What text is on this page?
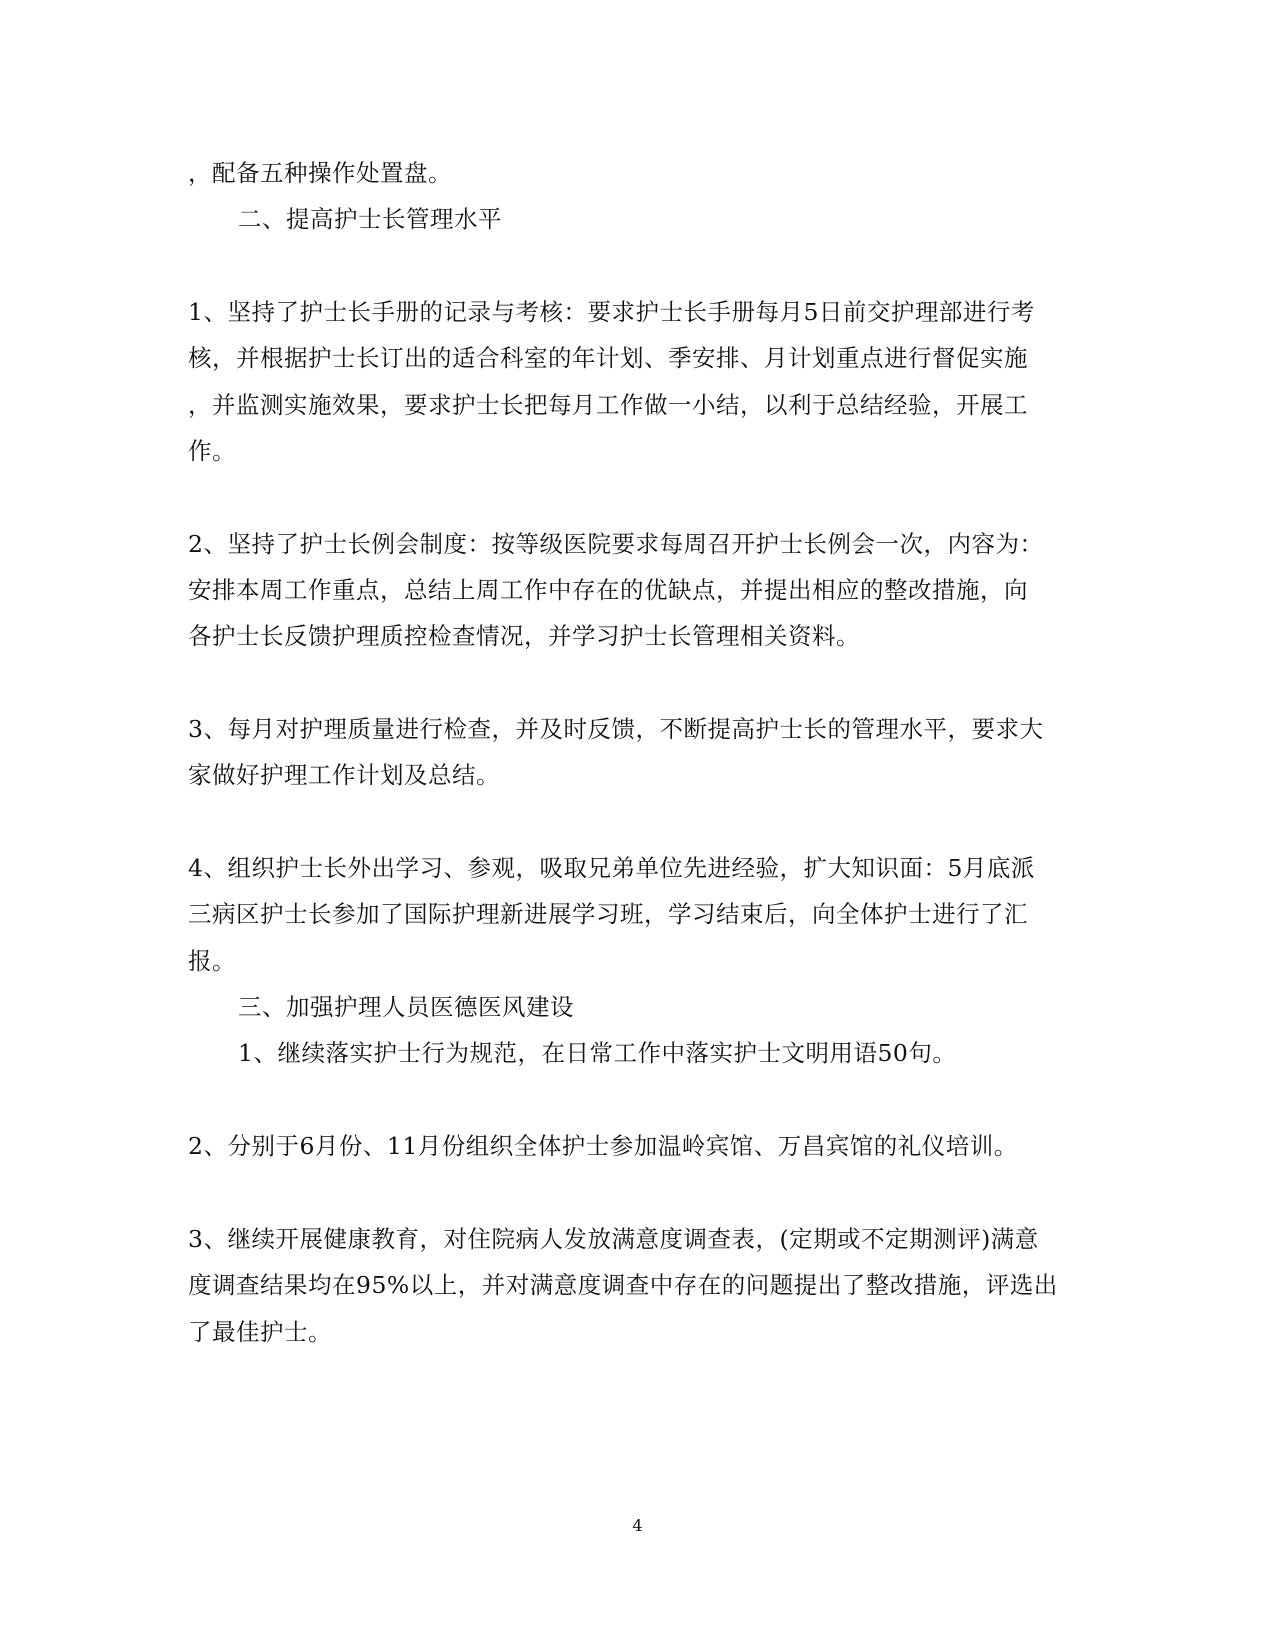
，配备五种操作处置盘。
二、提高护士长管理水平
1、坚持了护士长手册的记录与考核：要求护士长手册每月5日前交护理部进行考
核，并根据护士长订出的适合科室的年计划、季安排、月计划重点进行督促实施
，并监测实施效果，要求护士长把每月工作做一小结，以利于总结经验，开展工
作。
2、坚持了护士长例会制度：按等级医院要求每周召开护士长例会一次，内容为：
安排本周工作重点，总结上周工作中存在的优缺点，并提出相应的整改措施，向
各护士长反馈护理质控检查情况，并学习护士长管理相关资料。
3、每月对护理质量进行检查，并及时反馈，不断提高护士长的管理水平，要求大
家做好护理工作计划及总结。
4、组织护士长外出学习、参观，吸取兄弟单位先进经验，扩大知识面：5月底派
三病区护士长参加了国际护理新进展学习班，学习结束后，向全体护士进行了汇
报。
三、加强护理人员医德医风建设
1、继续落实护士行为规范，在日常工作中落实护士文明用语50句。
2、分别于6月份、11月份组织全体护士参加温岭宾馆、万昌宾馆的礼仪培训。
3、继续开展健康教育，对住院病人发放满意度调查表，(定期或不定期测评)满意
度调查结果均在95%以上，并对满意度调查中存在的问题提出了整改措施，评选出
了最佳护士。
4
